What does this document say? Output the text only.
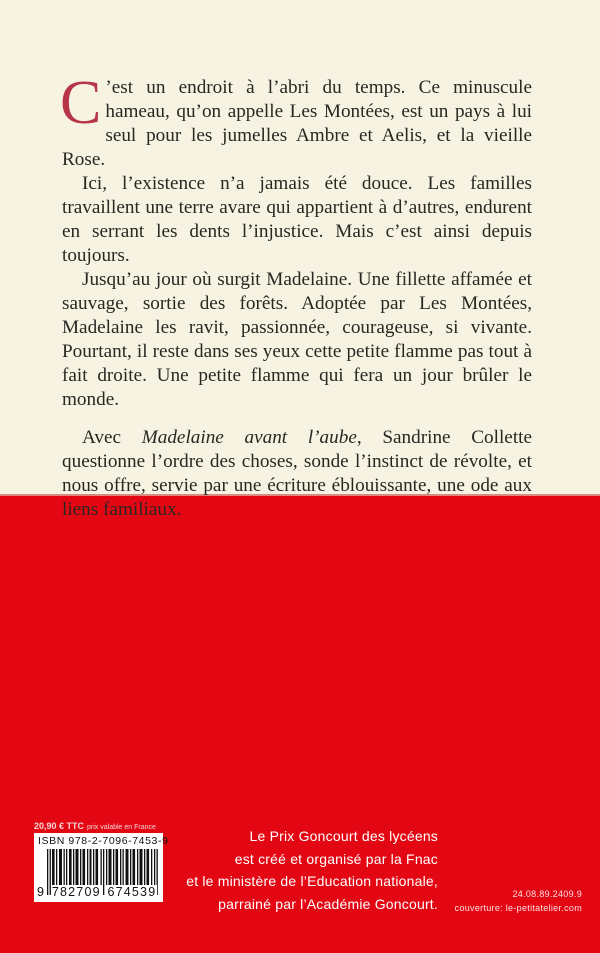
C ’est un endroit à l’abri du temps. Ce minuscule hameau, qu’on appelle Les Montées, est un pays à lui seul pour les jumelles Ambre et Aelis, et la vieille Rose.

Ici, l’existence n’a jamais été douce. Les familles travaillent une terre avare qui appartient à d’autres, endurent en serrant les dents l’injustice. Mais c’est ainsi depuis toujours.

Jusqu’au jour où surgit Madelaine. Une fillette affamée et sauvage, sortie des forêts. Adoptée par Les Montées, Madelaine les ravit, passionnée, courageuse, si vivante. Pourtant, il reste dans ses yeux cette petite flamme pas tout à fait droite. Une petite flamme qui fera un jour brûler le monde.

Avec Madelaine avant l’aube, Sandrine Collette questionne l’ordre des choses, sonde l’instinct de révolte, et nous offre, servie par une écriture éblouissante, une ode aux liens familiaux.

20,90 € TTC prix valable en France
ISBN 978-2-7096-7453-9
9 782709 674539
Le Prix Goncourt des lycéens
est créé et organisé par la Fnac
et le ministère de l’Education nationale,
parrainé par l’Académie Goncourt.
24.08.89.2409.9
couverture: le-petitatelier.com
